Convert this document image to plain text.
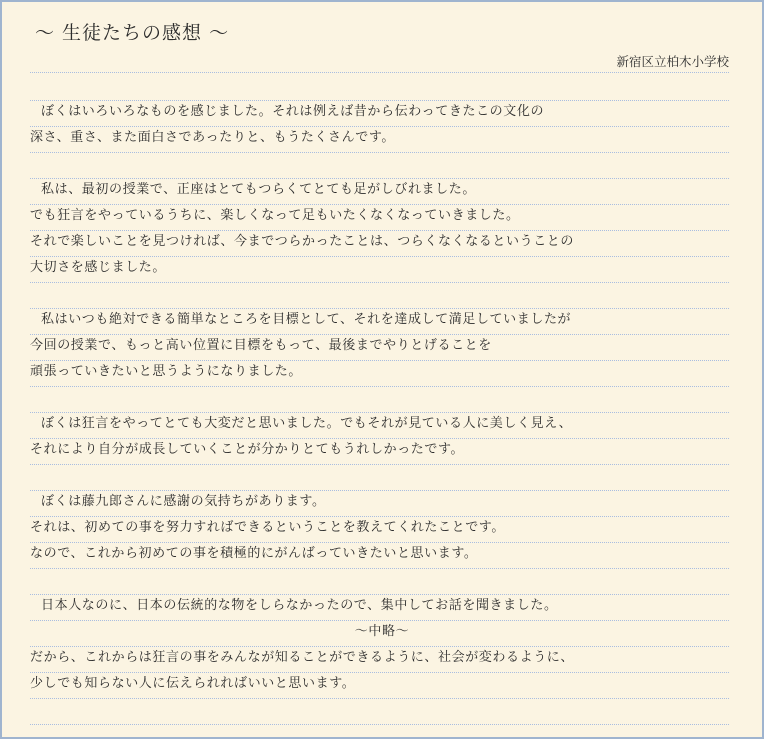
～ 生徒たちの感想 ～
新宿区立柏木小学校
ぼくはいろいろなものを感じました。それは例えば昔から伝わってきたこの文化の
深さ、重さ、また面白さであったりと、もうたくさんです。
私は、最初の授業で、正座はとてもつらくてとても足がしびれました。
でも狂言をやっているうちに、楽しくなって足もいたくなくなっていきました。
それで楽しいことを見つければ、今までつらかったことは、つらくなくなるということの
大切さを感じました。
私はいつも絶対できる簡単なところを目標として、それを達成して満足していましたが
今回の授業で、もっと高い位置に目標をもって、最後までやりとげることを
頑張っていきたいと思うようになりました。
ぼくは狂言をやってとても大変だと思いました。でもそれが見ている人に美しく見え、
それにより自分が成長していくことが分かりとてもうれしかったです。
ぼくは藤九郎さんに感謝の気持ちがあります。
それは、初めての事を努力すればできるということを教えてくれたことです。
なので、これから初めての事を積極的にがんばっていきたいと思います。
日本人なのに、日本の伝統的な物をしらなかったので、集中してお話を聞きました。
～中略～
だから、これからは狂言の事をみんなが知ることができるように、社会が変わるように、
少しでも知らない人に伝えられればいいと思います。
